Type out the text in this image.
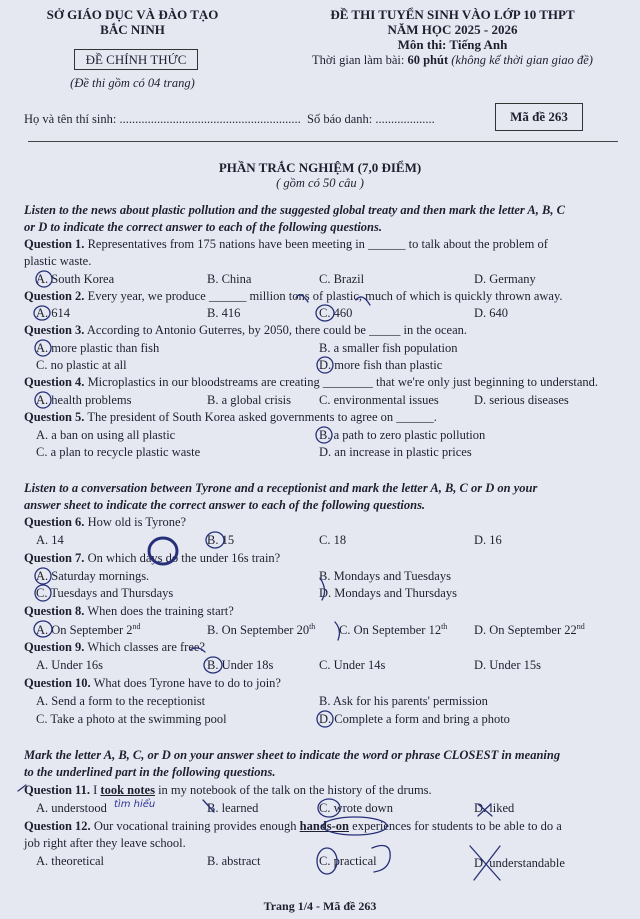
SỞ GIÁO DỤC VÀ ĐÀO TẠO
BẮC NINH
ĐỀ CHÍNH THỨC
(Đề thi gồm có 04 trang)
ĐỀ THI TUYỂN SINH VÀO LỚP 10 THPT
NĂM HỌC 2025 - 2026
Môn thi: Tiếng Anh
Thời gian làm bài: 60 phút (không kể thời gian giao đề)
Họ và tên thí sinh: .......................................................... Số báo danh: ...................	Mã đề 263
PHẦN TRẮC NGHIỆM (7,0 ĐIỂM)
( gồm có 50 câu )
Listen to the news about plastic pollution and the suggested global treaty and then mark the letter A, B, C
or D to indicate the correct answer to each of the following questions.
Question 1. Representatives from 175 nations have been meeting in ______ to talk about the problem of
plastic waste.
A. South Korea	B. China	C. Brazil	D. Germany
Question 2. Every year, we produce ______ million tons of plastic, much of which is quickly thrown away.
A. 614	B. 416	C. 460	D. 640
Question 3. According to Antonio Guterres, by 2050, there could be _____ in the ocean.
A. more plastic than fish	B. a smaller fish population
C. no plastic at all	D. more fish than plastic
Question 4. Microplastics in our bloodstreams are creating ________ that we're only just beginning to understand.
A. health problems	B. a global crisis C. environmental issues	D. serious diseases
Question 5. The president of South Korea asked governments to agree on ______.
A. a ban on using all plastic	B. a path to zero plastic pollution
C. a plan to recycle plastic waste	D. an increase in plastic prices
Listen to a conversation between Tyrone and a receptionist and mark the letter A, B, C or D on your
answer sheet to indicate the correct answer to each of the following questions.
Question 6. How old is Tyrone?
A. 14	B. 15	C. 18	D. 16
Question 7. On which days do the under 16s train?
A. Saturday mornings.	B. Mondays and Tuesdays
C. Tuesdays and Thursdays	D. Mondays and Thursdays
Question 8. When does the training start?
A. On September 2nd	B. On September 20th C. On September 12th D. On September 22nd
Question 9. Which classes are free?
A. Under 16s	B. Under 18s	C. Under 14s	D. Under 15s
Question 10. What does Tyrone have to do to join?
A. Send a form to the receptionist	B. Ask for his parents' permission
C. Take a photo at the swimming pool	D. Complete a form and bring a photo
Mark the letter A, B, C, or D on your answer sheet to indicate the word or phrase CLOSEST in meaning
to the underlined part in the following questions.
Question 11. I took notes in my notebook of the talk on the history of the drums.
A. understood tìm hiểu	B. learned	C. wrote down	D. liked
Question 12. Our vocational training provides enough hands-on experiences for students to be able to do a
job right after they leave school.
A. theoretical	B. abstract	C. practical	D. understandable
Trang 1/4 - Mã đề 263
